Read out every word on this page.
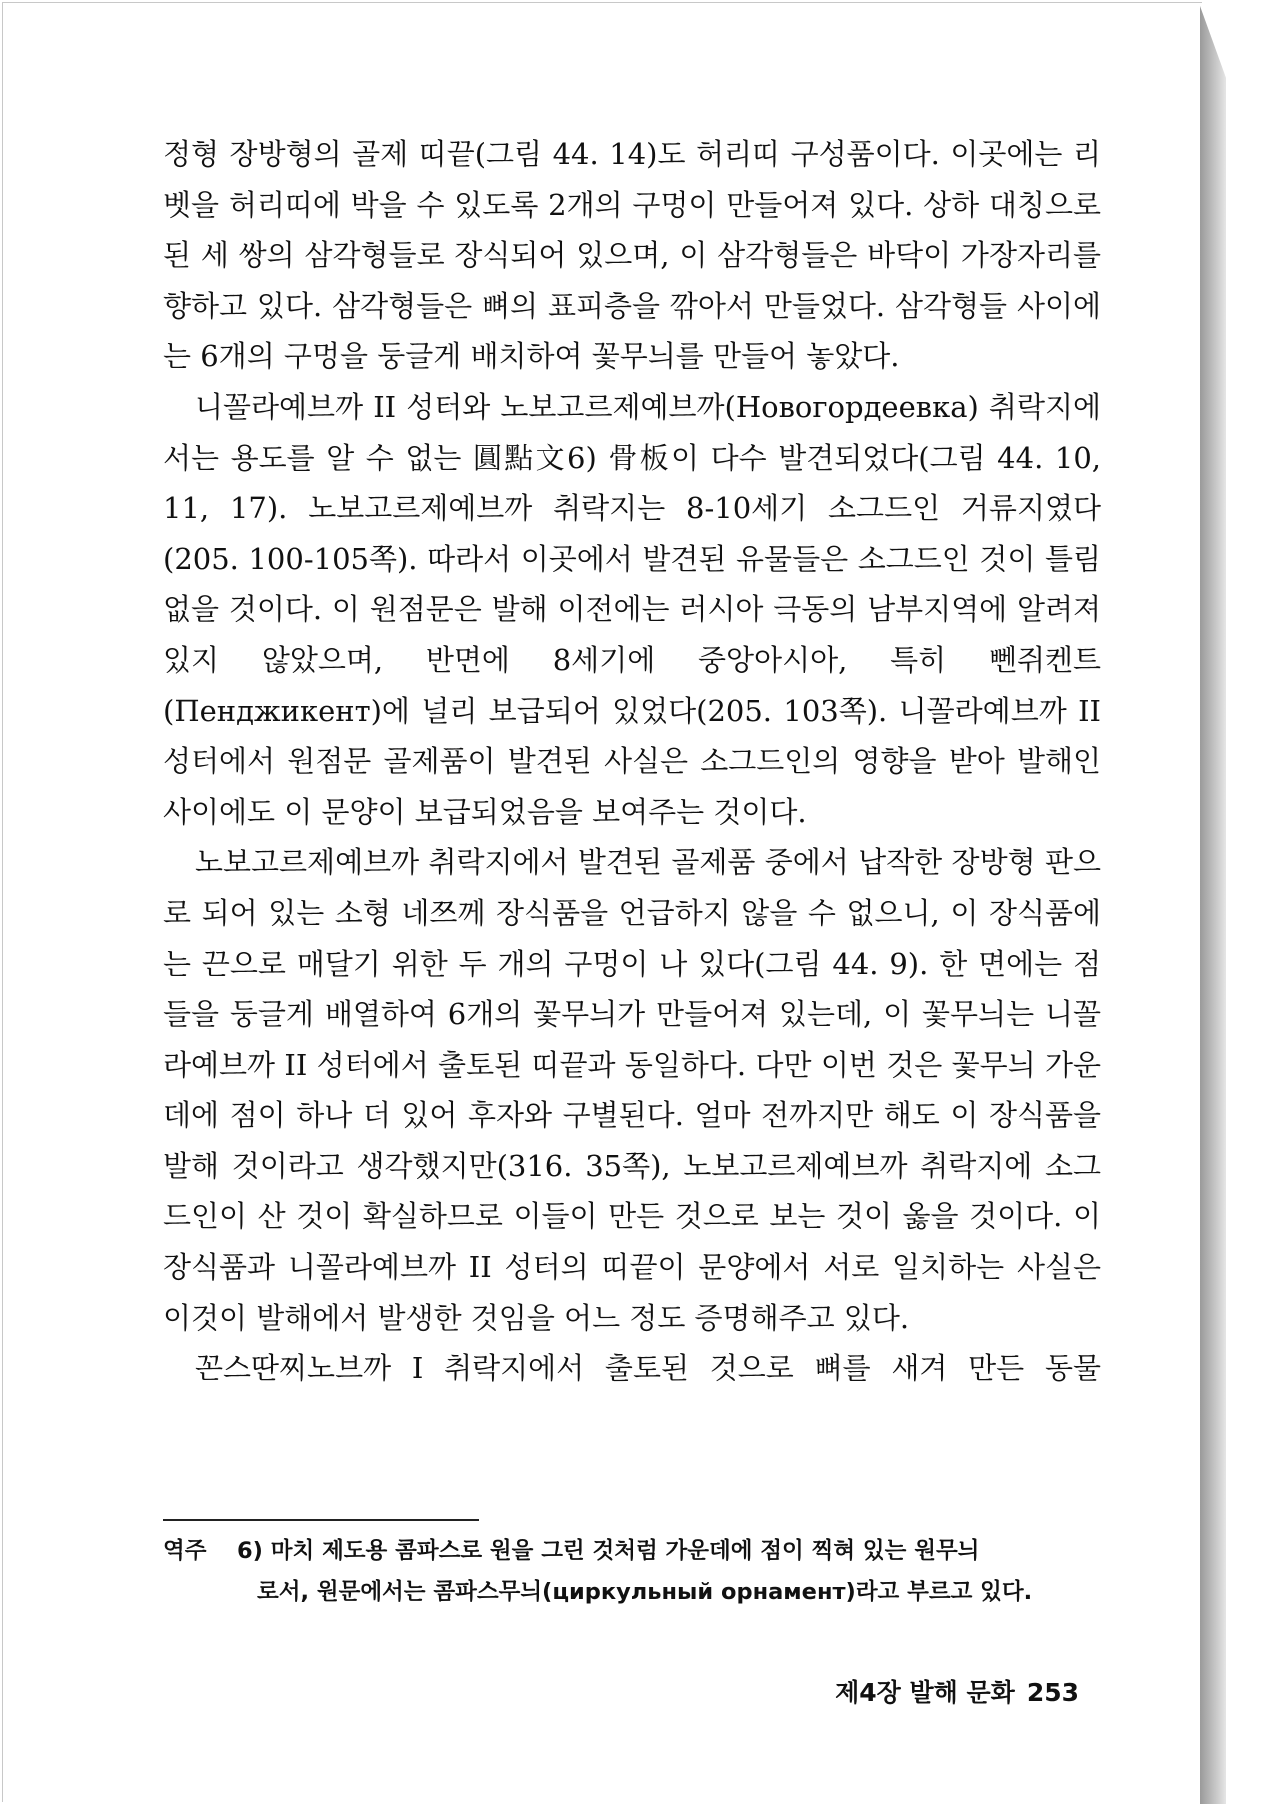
정형 장방형의 골제 띠끝(그림 44. 14)도 허리띠 구성품이다. 이곳에는 리벳을 허리띠에 박을 수 있도록 2개의 구멍이 만들어져 있다. 상하 대칭으로 된 세 쌍의 삼각형들로 장식되어 있으며, 이 삼각형들은 바닥이 가장자리를 향하고 있다. 삼각형들은 뼈의 표피층을 깎아서 만들었다. 삼각형들 사이에는 6개의 구멍을 둥글게 배치하여 꽃무늬를 만들어 놓았다.

니꼴라예브까 II 성터와 노보고르제예브까(Новогордеевка) 취락지에서는 용도를 알 수 없는 圓點文6) 骨板이 다수 발견되었다(그림 44. 10, 11, 17). 노보고르제예브까 취락지는 8-10세기 소그드인 거류지였다(205. 100-105쪽). 따라서 이곳에서 발견된 유물들은 소그드인 것이 틀림없을 것이다. 이 원점문은 발해 이전에는 러시아 극동의 남부지역에 알려져 있지 않았으며, 반면에 8세기에 중앙아시아, 특히 뻰쥐켄트(Пенджикент)에 널리 보급되어 있었다(205. 103쪽). 니꼴라예브까 II 성터에서 원점문 골제품이 발견된 사실은 소그드인의 영향을 받아 발해인 사이에도 이 문양이 보급되었음을 보여주는 것이다.

노보고르제예브까 취락지에서 발견된 골제품 중에서 납작한 장방형 판으로 되어 있는 소형 네쯔께 장식품을 언급하지 않을 수 없으니, 이 장식품에는 끈으로 매달기 위한 두 개의 구멍이 나 있다(그림 44. 9). 한 면에는 점들을 둥글게 배열하여 6개의 꽃무늬가 만들어져 있는데, 이 꽃무늬는 니꼴라예브까 II 성터에서 출토된 띠끝과 동일하다. 다만 이번 것은 꽃무늬 가운데에 점이 하나 더 있어 후자와 구별된다. 얼마 전까지만 해도 이 장식품을 발해 것이라고 생각했지만(316. 35쪽), 노보고르제예브까 취락지에 소그드인이 산 것이 확실하므로 이들이 만든 것으로 보는 것이 옳을 것이다. 이 장식품과 니꼴라예브까 II 성터의 띠끝이 문양에서 서로 일치하는 사실은 이것이 발해에서 발생한 것임을 어느 정도 증명해주고 있다.

꼰스딴찌노브까 I 취락지에서 출토된 것으로 뼈를 새겨 만든 동물

역주	6) 마치 제도용 콤파스로 원을 그린 것처럼 가운데에 점이 찍혀 있는 원무늬
로서, 원문에서는 콤파스무늬(циркульный орнамент)라고 부르고 있다.
제4장 발해 문화 253
